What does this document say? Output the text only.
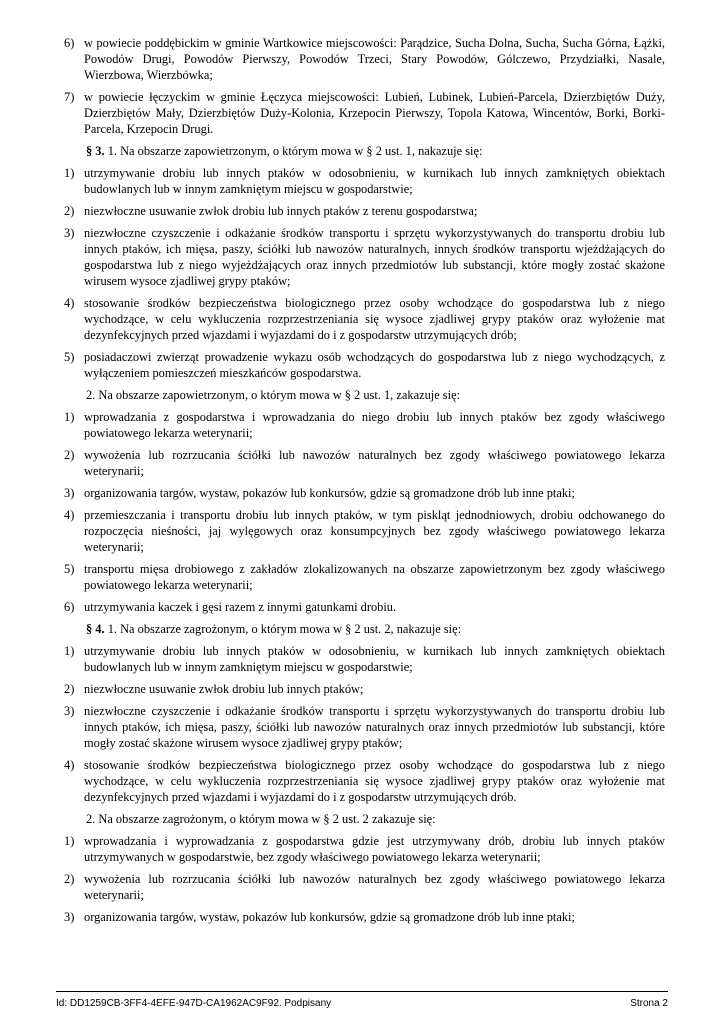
6) w powiecie poddębickim w gminie Wartkowice miejscowości: Parądzice, Sucha Dolna, Sucha, Sucha Górna, Łążki, Powodów Drugi, Powodów Pierwszy, Powodów Trzeci, Stary Powodów, Gólczewo, Przydziałki, Nasale, Wierzbowa, Wierzbówka;
7) w powiecie łęczyckim w gminie Łęczyca miejscowości: Lubień, Lubinek, Lubień-Parcela, Dzierzbiętów Duży, Dzierzbiętów Mały, Dzierzbiętów Duży-Kolonia, Krzepocin Pierwszy, Topola Katowa, Wincentów, Borki, Borki-Parcela, Krzepocin Drugi.

§ 3. 1. Na obszarze zapowietrzonym, o którym mowa w § 2 ust. 1, nakazuje się:

1) utrzymywanie drobiu lub innych ptaków w odosobnieniu, w kurnikach lub innych zamkniętych obiektach budowlanych lub w innym zamkniętym miejscu w gospodarstwie;
2) niezwłoczne usuwanie zwłok drobiu lub innych ptaków z terenu gospodarstwa;
3) niezwłoczne czyszczenie i odkażanie środków transportu i sprzętu wykorzystywanych do transportu drobiu lub innych ptaków, ich mięsa, paszy, ściółki lub nawozów naturalnych, innych środków transportu wjeżdżających do gospodarstwa lub z niego wyjeżdżających oraz innych przedmiotów lub substancji, które mogły zostać skażone wirusem wysoce zjadliwej grypy ptaków;
4) stosowanie środków bezpieczeństwa biologicznego przez osoby wchodzące do gospodarstwa lub z niego wychodzące, w celu wykluczenia rozprzestrzeniania się wysoce zjadliwej grypy ptaków oraz wyłożenie mat dezynfekcyjnych przed wjazdami i wyjazdami do i z gospodarstw utrzymujących drób;
5) posiadaczowi zwierząt prowadzenie wykazu osób wchodzących do gospodarstwa lub z niego wychodzących, z wyłączeniem pomieszczeń mieszkańców gospodarstwa.

2. Na obszarze zapowietrzonym, o którym mowa w § 2 ust. 1, zakazuje się:

1) wprowadzania z gospodarstwa i wprowadzania do niego drobiu lub innych ptaków bez zgody właściwego powiatowego lekarza weterynarii;
2) wywożenia lub rozrzucania ściółki lub nawozów naturalnych bez zgody właściwego powiatowego lekarza weterynarii;
3) organizowania targów, wystaw, pokazów lub konkursów, gdzie są gromadzone drób lub inne ptaki;
4) przemieszczania i transportu drobiu lub innych ptaków, w tym piskląt jednodniowych, drobiu odchowanego do rozpoczęcia nieśności, jaj wylęgowych oraz konsumpcyjnych bez zgody właściwego powiatowego lekarza weterynarii;
5) transportu mięsa drobiowego z zakładów zlokalizowanych na obszarze zapowietrzonym bez zgody właściwego powiatowego lekarza weterynarii;
6) utrzymywania kaczek i gęsi razem z innymi gatunkami drobiu.

§ 4. 1. Na obszarze zagrożonym, o którym mowa w § 2 ust. 2, nakazuje się:

1) utrzymywanie drobiu lub innych ptaków w odosobnieniu, w kurnikach lub innych zamkniętych obiektach budowlanych lub w innym zamkniętym miejscu w gospodarstwie;
2) niezwłoczne usuwanie zwłok drobiu lub innych ptaków;
3) niezwłoczne czyszczenie i odkażanie środków transportu i sprzętu wykorzystywanych do transportu drobiu lub innych ptaków, ich mięsa, paszy, ściółki lub nawozów naturalnych oraz innych przedmiotów lub substancji, które mogły zostać skażone wirusem wysoce zjadliwej grypy ptaków;
4) stosowanie środków bezpieczeństwa biologicznego przez osoby wchodzące do gospodarstwa lub z niego wychodzące, w celu wykluczenia rozprzestrzeniania się wysoce zjadliwej grypy ptaków oraz wyłożenie mat dezynfekcyjnych przed wjazdami i wyjazdami do i z gospodarstw utrzymujących drób.

2. Na obszarze zagrożonym, o którym mowa w § 2 ust. 2 zakazuje się:

1) wprowadzania i wyprowadzania z gospodarstwa gdzie jest utrzymywany drób, drobiu lub innych ptaków utrzymywanych w gospodarstwie, bez zgody właściwego powiatowego lekarza weterynarii;
2) wywożenia lub rozrzucania ściółki lub nawozów naturalnych bez zgody właściwego powiatowego lekarza weterynarii;
3) organizowania targów, wystaw, pokazów lub konkursów, gdzie są gromadzone drób lub inne ptaki;
Id: DD1259CB-3FF4-4EFE-947D-CA1962AC9F92. Podpisany	Strona 2
